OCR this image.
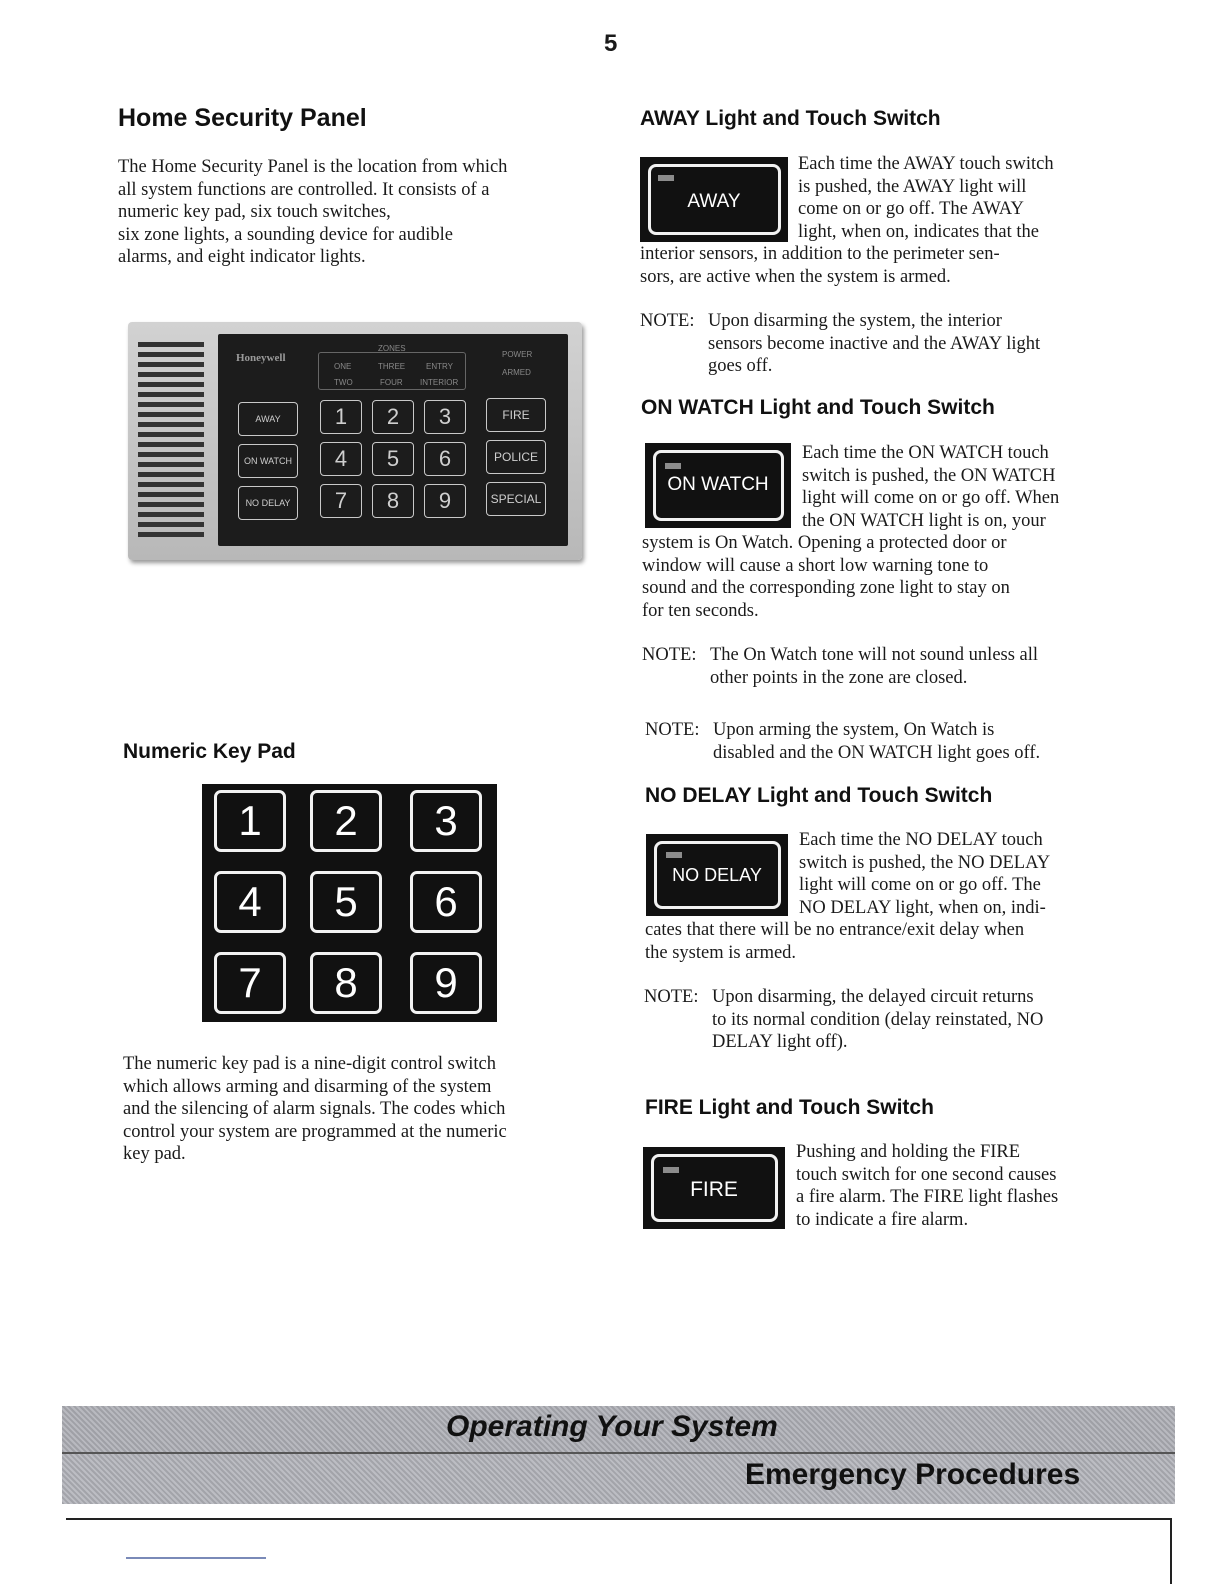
5
Home Security Panel
The Home Security Panel is the location from which
all system functions are controlled. It consists of a
numeric key pad, six touch switches,
six zone lights, a sounding device for audible
alarms, and eight indicator lights.
Honeywell
ZONES
ONE	THREE	ENTRY
TWO	FOUR INTERIOR
POWER
ARMED
AWAY
ON WATCH
NO DELAY
1	2	3
4	5	6
7	8	9
FIRE
POLICE
SPECIAL
Numeric Key Pad
1	2	3
4	5	6
7	8	9
The numeric key pad is a nine-digit control switch
which allows arming and disarming of the system
and the silencing of alarm signals. The codes which
control your system are programmed at the numeric
key pad.
AWAY Light and Touch Switch
AWAY
Each time the AWAY touch switch
is pushed, the AWAY light will
come on or go off. The AWAY
light, when on, indicates that the
interior sensors, in addition to the perimeter sen-
sors, are active when the system is armed.
NOTE: Upon disarming the system, the interior
sensors become inactive and the AWAY light
goes off.
ON WATCH Light and Touch Switch
ON WATCH
Each time the ON WATCH touch
switch is pushed, the ON WATCH
light will come on or go off. When
the ON WATCH light is on, your
system is On Watch. Opening a protected door or
window will cause a short low warning tone to
sound and the corresponding zone light to stay on
for ten seconds.
NOTE: The On Watch tone will not sound unless all
other points in the zone are closed.
NOTE: Upon arming the system, On Watch is
disabled and the ON WATCH light goes off.
NO DELAY Light and Touch Switch
NO DELAY
Each time the NO DELAY touch
switch is pushed, the NO DELAY
light will come on or go off. The
NO DELAY light, when on, indi-
cates that there will be no entrance/exit delay when
the system is armed.
NOTE: Upon disarming, the delayed circuit returns
to its normal condition (delay reinstated, NO
DELAY light off).
FIRE Light and Touch Switch
FIRE
Pushing and holding the FIRE
touch switch for one second causes
a fire alarm. The FIRE light flashes
to indicate a fire alarm.
Operating Your System
Emergency Procedures
